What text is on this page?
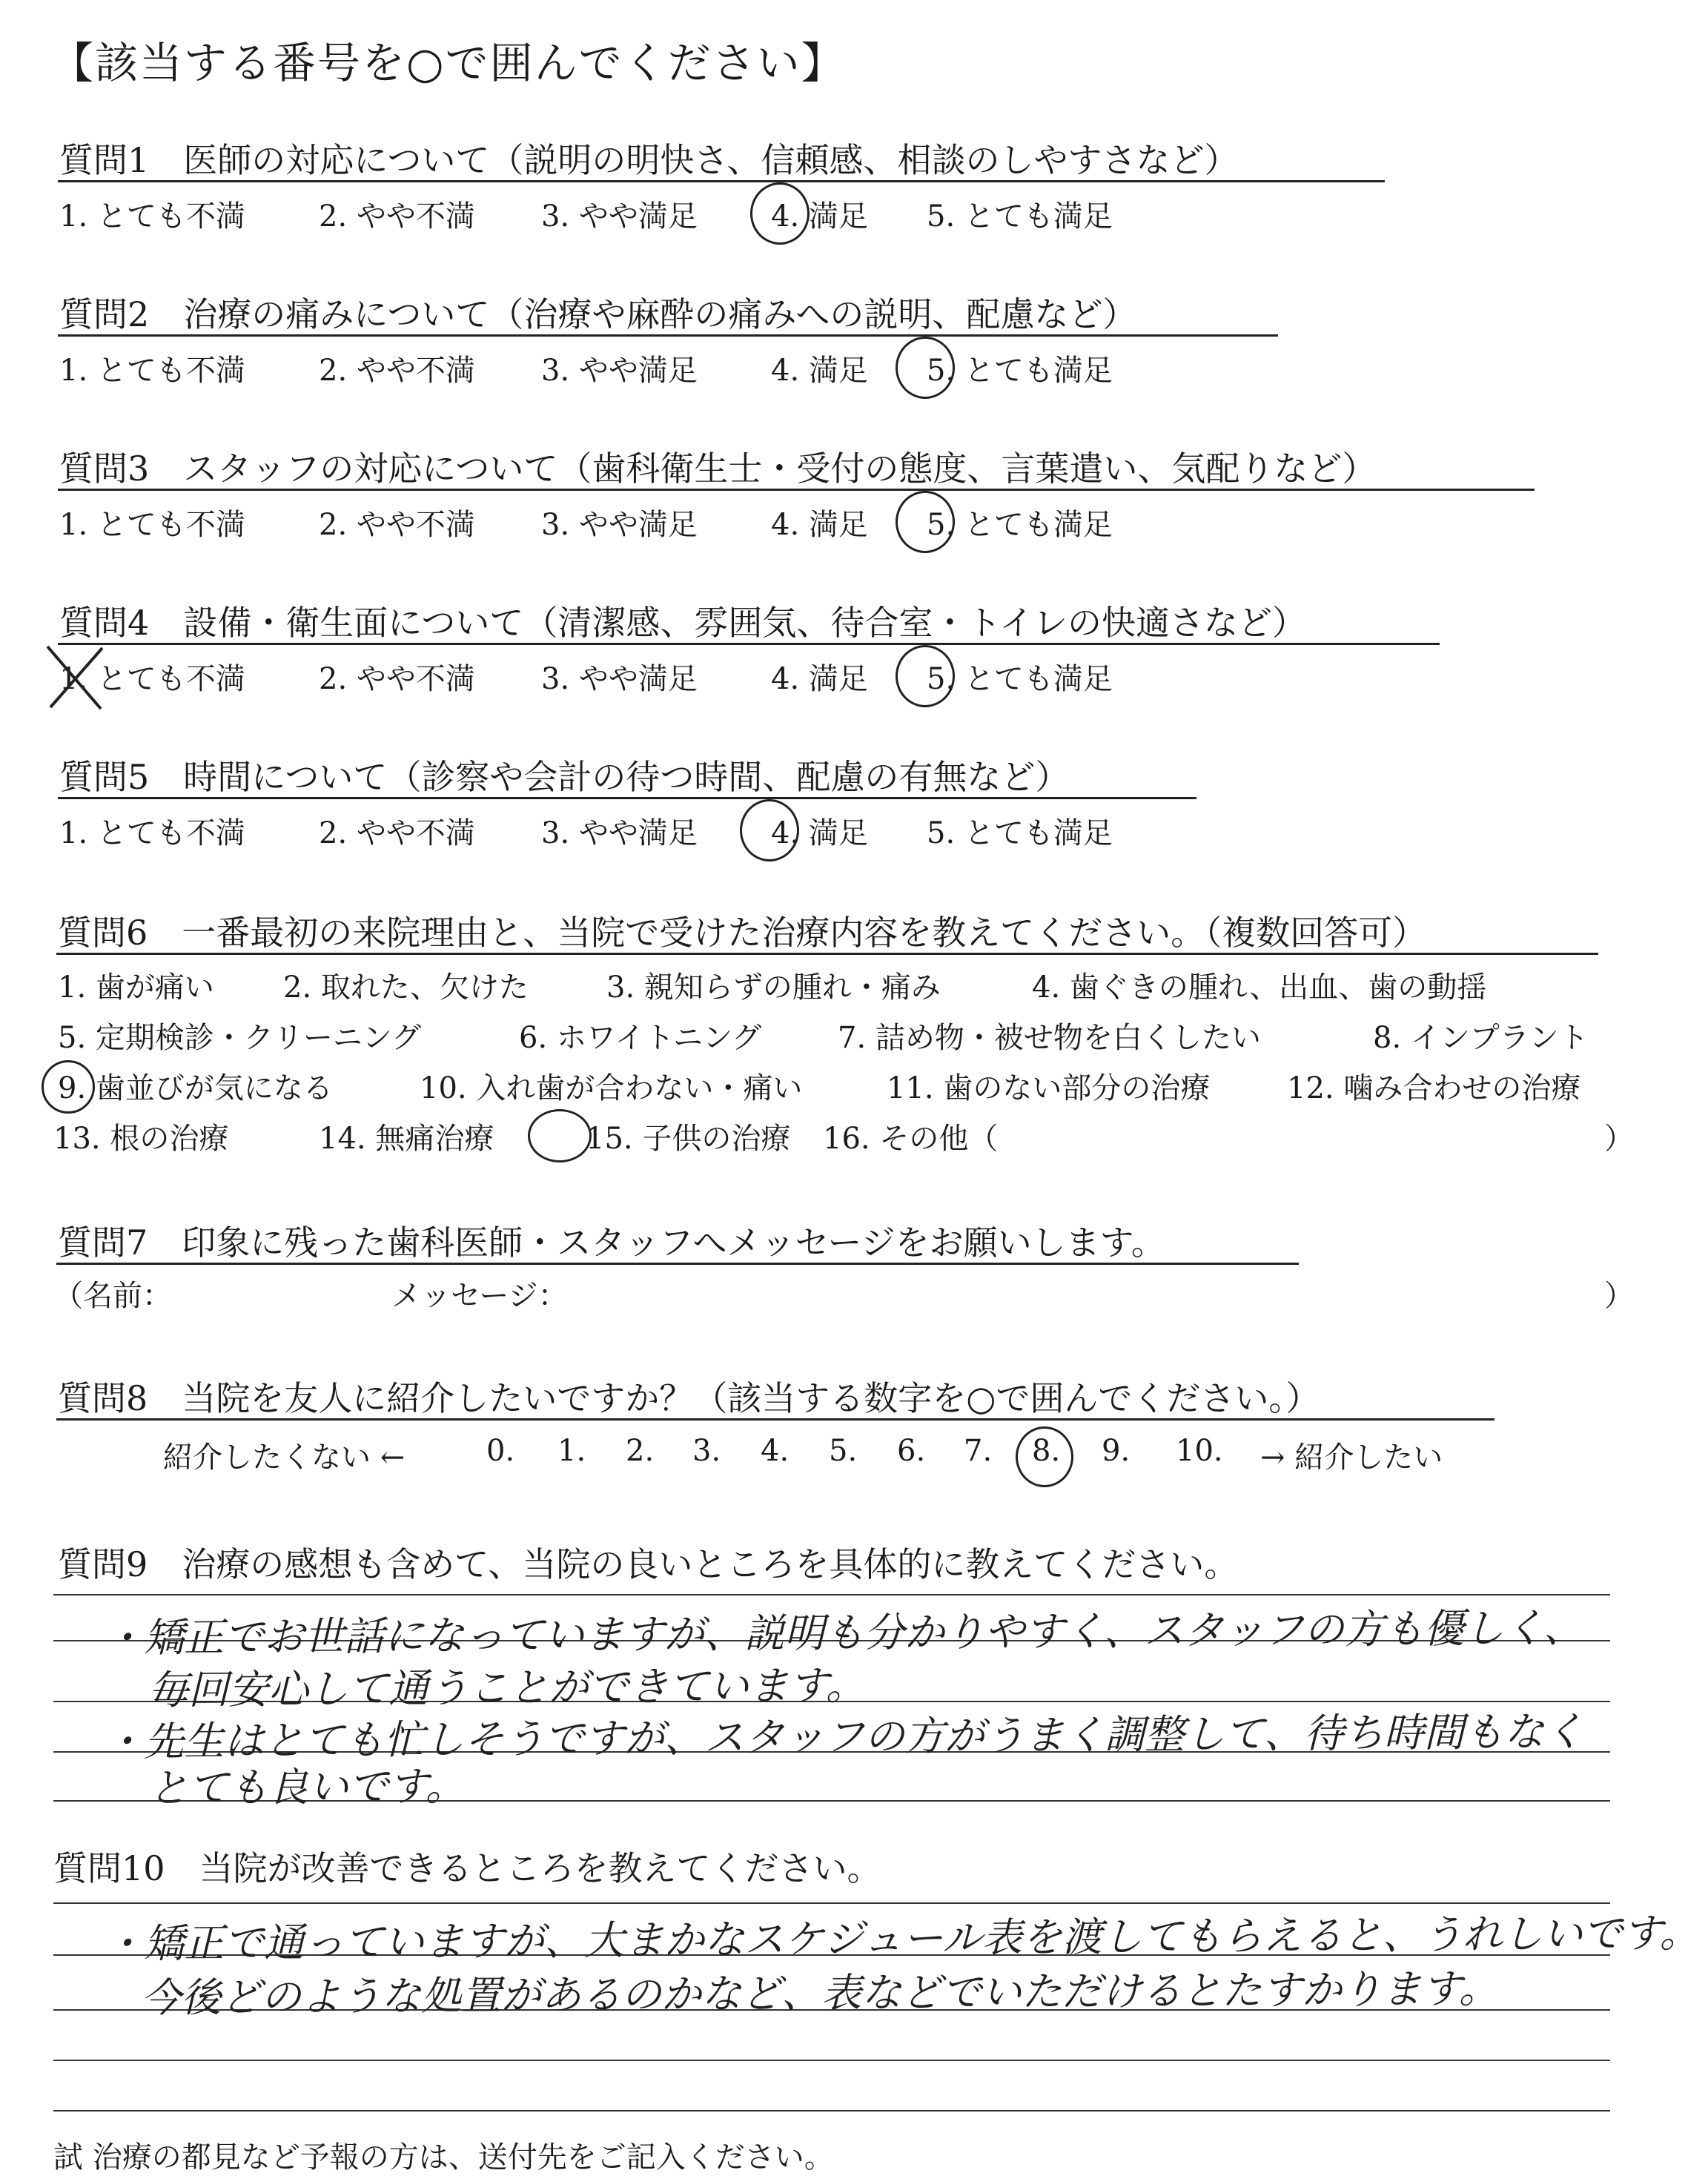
【該当する番号を○で囲んでください】
質問1　医師の対応について（説明の明快さ、信頼感、相談のしやすさなど）
1. とても不満 2. やや不満 3. やや満足 4. 満足 5. とても満足
質問2　治療の痛みについて（治療や麻酔の痛みへの説明、配慮など）
1. とても不満 2. やや不満 3. やや満足 4. 満足 5. とても満足
質問3　スタッフの対応について（歯科衛生士・受付の態度、言葉遣い、気配りなど）
1. とても不満 2. やや不満 3. やや満足 4. 満足 5. とても満足
質問4　設備・衛生面について（清潔感、雰囲気、待合室・トイレの快適さなど）
1. とても不満 2. やや不満 3. やや満足 4. 満足 5. とても満足
質問5　時間について（診察や会計の待つ時間、配慮の有無など）
1. とても不満 2. やや不満 3. やや満足 4. 満足 5. とても満足
質問6　一番最初の来院理由と、当院で受けた治療内容を教えてください。（複数回答可）
1. 歯が痛い 2. 取れた、欠けた	3. 親知らずの腫れ・痛み	4. 歯ぐきの腫れ、出血、歯の動揺
5. 定期検診・クリーニング	6. ホワイトニング	7. 詰め物・被せ物を白くしたい	8. インプラント
9. 歯並びが気になる	10. 入れ歯が合わない・痛い	11. 歯のない部分の治療	12. 噛み合わせの治療
13. 根の治療	14. 無痛治療	15. 子供の治療 16. その他（	）
質問7　印象に残った歯科医師・スタッフへメッセージをお願いします。
（名前：	メッセージ：	）
質問8　当院を友人に紹介したいですか？（該当する数字を○で囲んでください。）
紹介したくない ←	0. 1. 2. 3. 4. 5. 6. 7. 8. 9. 10. → 紹介したい
質問9　治療の感想も含めて、当院の良いところを具体的に教えてください。
・矯正でお世話になっていますが、説明も分かりやすく、スタッフの方も優しく、
毎回安心して通うことができています。
・先生はとても忙しそうですが、スタッフの方がうまく調整して、待ち時間もなく
とても良いです。
質問10　当院が改善できるところを教えてください。
・矯正で通っていますが、大まかなスケジュール表を渡してもらえると、うれしいです。
今後どのような処置があるのかなど、表などでいただけるとたすかります。
試 治療の都見など予報の方は、送付先をご記入ください。
